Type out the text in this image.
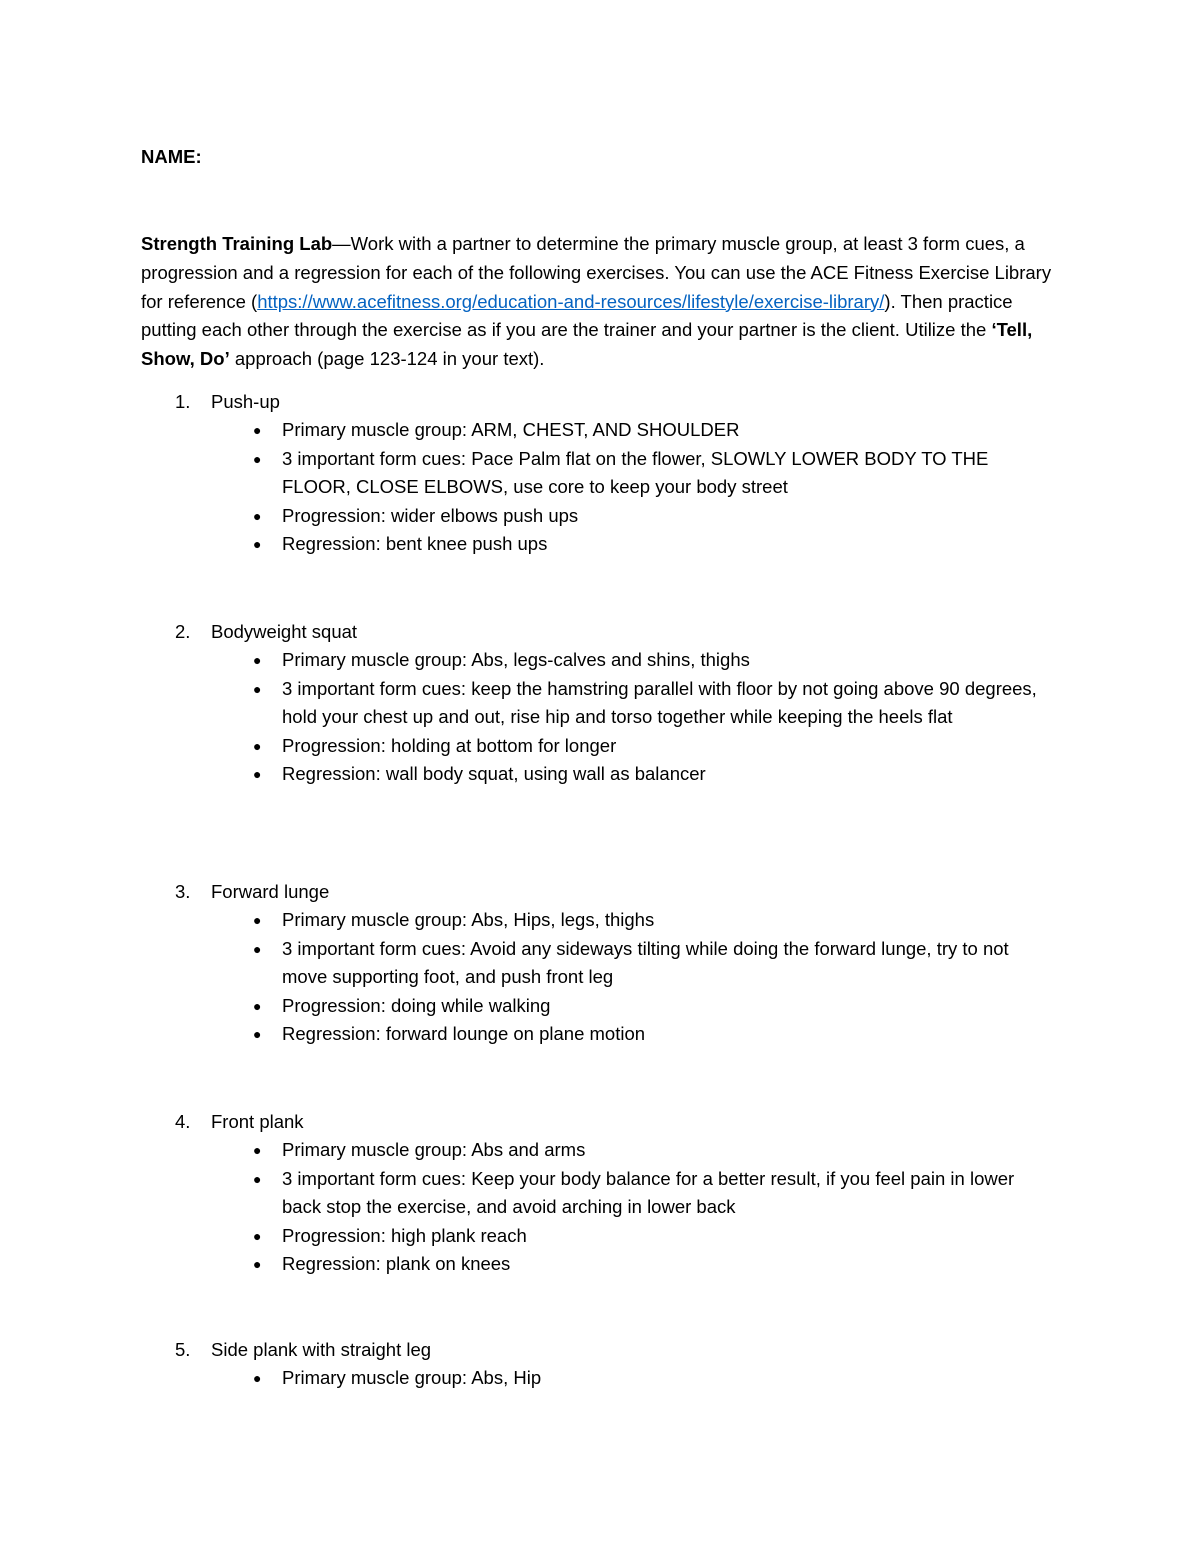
NAME:
Strength Training Lab—Work with a partner to determine the primary muscle group, at least 3 form cues, a progression and a regression for each of the following exercises. You can use the ACE Fitness Exercise Library for reference (https://www.acefitness.org/education-and-resources/lifestyle/exercise-library/). Then practice putting each other through the exercise as if you are the trainer and your partner is the client. Utilize the ‘Tell, Show, Do’ approach (page 123-124 in your text).
1. Push-up
● Primary muscle group: ARM, CHEST, AND SHOULDER
● 3 important form cues: Pace Palm flat on the flower, SLOWLY LOWER BODY TO THE FLOOR, CLOSE ELBOWS, use core to keep your body street
● Progression: wider elbows push ups
● Regression: bent knee push ups
2. Bodyweight squat
● Primary muscle group: Abs, legs-calves and shins, thighs
● 3 important form cues: keep the hamstring parallel with floor by not going above 90 degrees, hold your chest up and out, rise hip and torso together while keeping the heels flat
● Progression: holding at bottom for longer
● Regression: wall body squat, using wall as balancer
3. Forward lunge
● Primary muscle group: Abs, Hips, legs, thighs
● 3 important form cues: Avoid any sideways tilting while doing the forward lunge, try to not move supporting foot, and push front leg
● Progression: doing while walking
● Regression: forward lounge on plane motion
4. Front plank
● Primary muscle group: Abs and arms
● 3 important form cues: Keep your body balance for a better result, if you feel pain in lower back stop the exercise, and avoid arching in lower back
● Progression: high plank reach
● Regression: plank on knees
5. Side plank with straight leg
● Primary muscle group: Abs, Hip
